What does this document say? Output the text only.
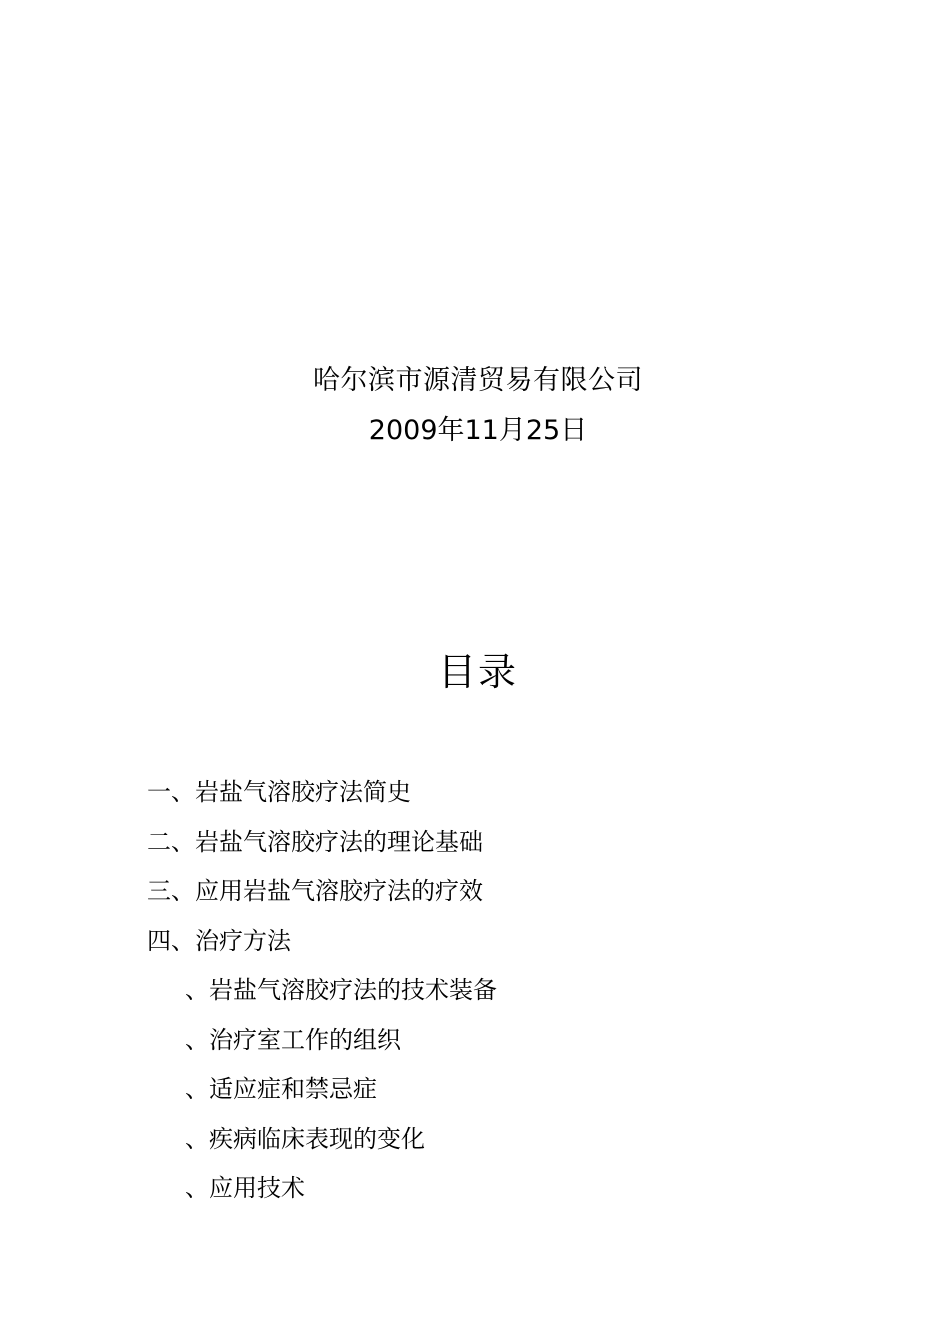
哈尔滨市源清贸易有限公司
2009年11月25日
目录
一、岩盐气溶胶疗法简史
二、岩盐气溶胶疗法的理论基础
三、应用岩盐气溶胶疗法的疗效
四、治疗方法
、岩盐气溶胶疗法的技术装备
、治疗室工作的组织
、适应症和禁忌症
、疾病临床表现的变化
、应用技术
